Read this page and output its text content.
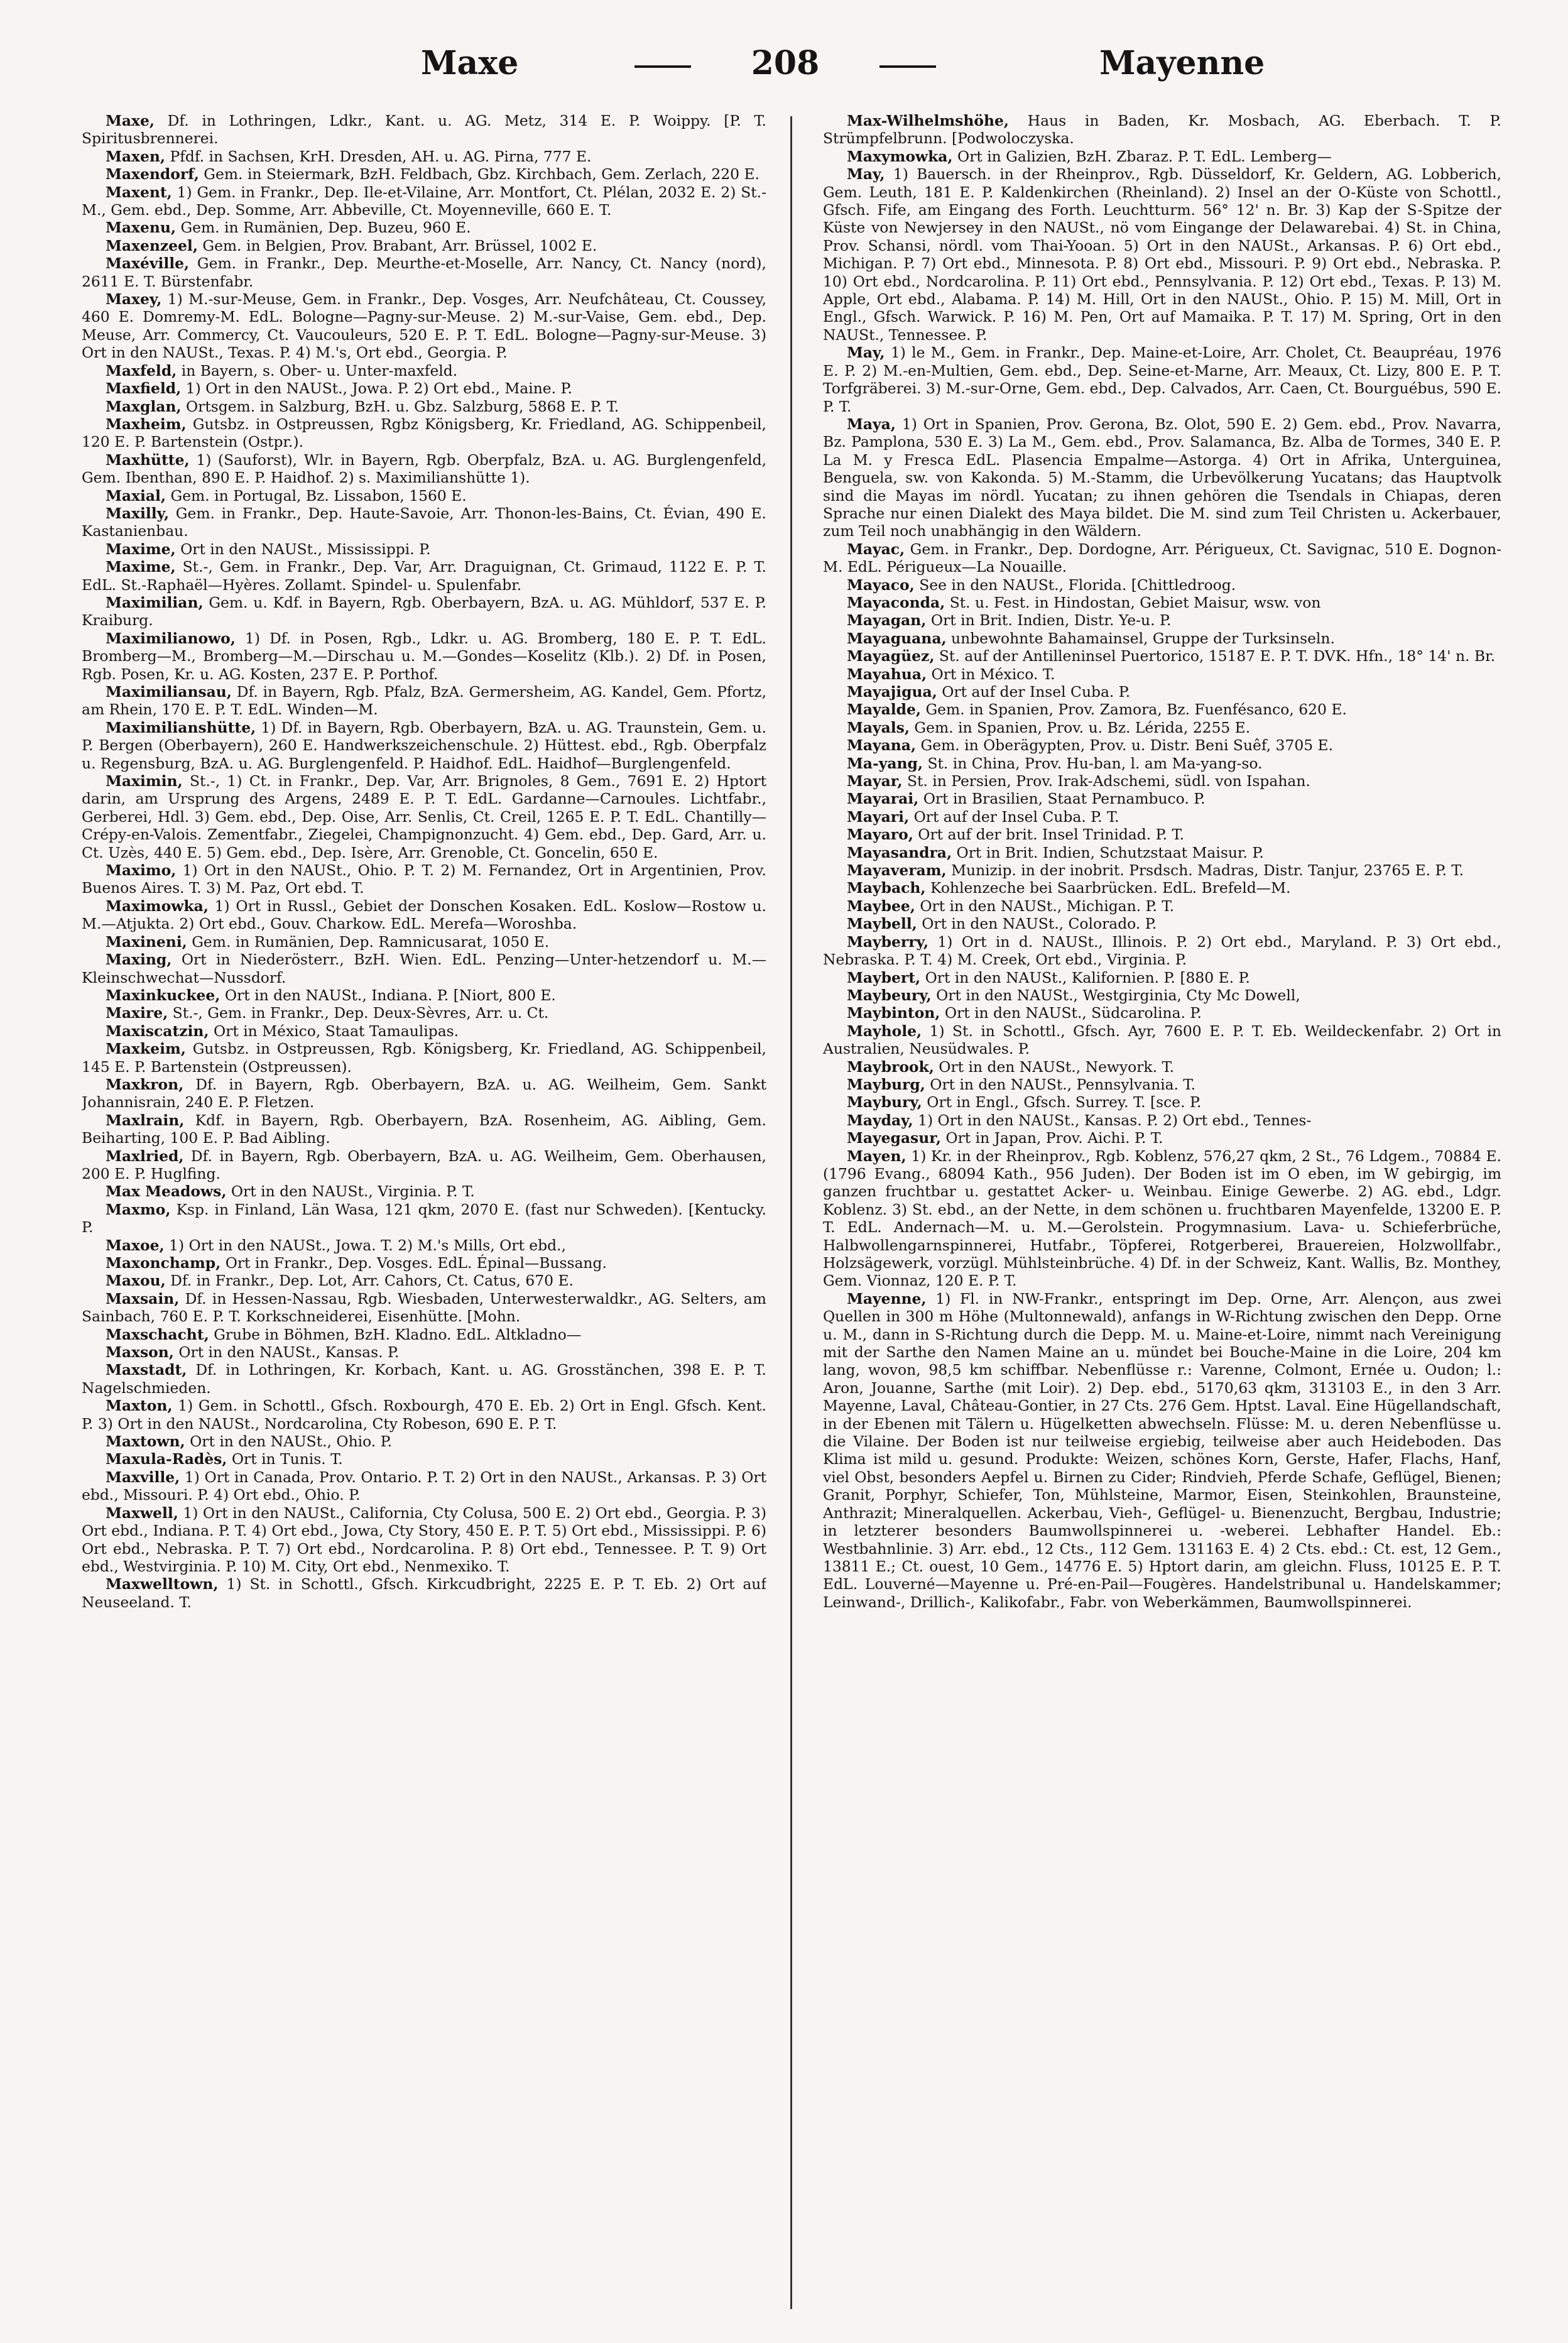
Maxe	208	Mayenne

Maxe, Df. in Lothringen, Ldkr., Kant. u. AG. Metz, 314 E. P. Woippy. [P. T. Spiritusbrennerei.

Maxen, Pfdf. in Sachsen, KrH. Dresden, AH. u. AG. Pirna, 777 E.

Maxendorf, Gem. in Steiermark, BzH. Feldbach, Gbz. Kirchbach, Gem. Zerlach, 220 E.

Maxent, 1) Gem. in Frankr., Dep. Ile-et-Vilaine, Arr. Montfort, Ct. Plélan, 2032 E. 2) St.-M., Gem. ebd., Dep. Somme, Arr. Abbeville, Ct. Moyenneville, 660 E. T.

Maxenu, Gem. in Rumänien, Dep. Buzeu, 960 E.

Maxenzeel, Gem. in Belgien, Prov. Brabant, Arr. Brüssel, 1002 E.

Maxéville, Gem. in Frankr., Dep. Meurthe-et-Moselle, Arr. Nancy, Ct. Nancy (nord), 2611 E. T. Bürstenfabr.

Maxey, 1) M.-sur-Meuse, Gem. in Frankr., Dep. Vosges, Arr. Neufchâteau, Ct. Coussey, 460 E. Domremy-M. EdL. Bologne—Pagny-sur-Meuse. 2) M.-sur-Vaise, Gem. ebd., Dep. Meuse, Arr. Commercy, Ct. Vaucouleurs, 520 E. P. T. EdL. Bologne—Pagny-sur-Meuse. 3) Ort in den NAUSt., Texas. P. 4) M.'s, Ort ebd., Georgia. P.

Maxfeld, in Bayern, s. Ober- u. Unter-maxfeld.

Maxfield, 1) Ort in den NAUSt., Jowa. P. 2) Ort ebd., Maine. P.

Maxglan, Ortsgem. in Salzburg, BzH. u. Gbz. Salzburg, 5868 E. P. T.

Maxheim, Gutsbz. in Ostpreussen, Rgbz Königsberg, Kr. Friedland, AG. Schippenbeil, 120 E. P. Bartenstein (Ostpr.).

Maxhütte, 1) (Sauforst), Wlr. in Bayern, Rgb. Oberpfalz, BzA. u. AG. Burglengenfeld, Gem. Ibenthan, 890 E. P. Haidhof. 2) s. Maximilianshütte 1).

Maxial, Gem. in Portugal, Bz. Lissabon, 1560 E.

Maxilly, Gem. in Frankr., Dep. Haute-Savoie, Arr. Thonon-les-Bains, Ct. Évian, 490 E. Kastanienbau.

Maxime, Ort in den NAUSt., Mississippi. P.

Maxime, St.-, Gem. in Frankr., Dep. Var, Arr. Draguignan, Ct. Grimaud, 1122 E. P. T. EdL. St.-Raphaël—Hyères. Zollamt. Spindel- u. Spulenfabr.

Maximilian, Gem. u. Kdf. in Bayern, Rgb. Oberbayern, BzA. u. AG. Mühldorf, 537 E. P. Kraiburg.

Maximilianowo, 1) Df. in Posen, Rgb., Ldkr. u. AG. Bromberg, 180 E. P. T. EdL. Bromberg—M., Bromberg—M.—Dirschau u. M.—Gondes—Koselitz (Klb.). 2) Df. in Posen, Rgb. Posen, Kr. u. AG. Kosten, 237 E. P. Porthof.

Maximiliansau, Df. in Bayern, Rgb. Pfalz, BzA. Germersheim, AG. Kandel, Gem. Pfortz, am Rhein, 170 E. P. T. EdL. Winden—M.

Maximilianshütte, 1) Df. in Bayern, Rgb. Oberbayern, BzA. u. AG. Traunstein, Gem. u. P. Bergen (Oberbayern), 260 E. Handwerkszeichenschule. 2) Hüttest. ebd., Rgb. Oberpfalz u. Regensburg, BzA. u. AG. Burglengenfeld. P. Haidhof. EdL. Haidhof—Burglengenfeld.

Maximin, St.-, 1) Ct. in Frankr., Dep. Var, Arr. Brignoles, 8 Gem., 7691 E. 2) Hptort darin, am Ursprung des Argens, 2489 E. P. T. EdL. Gardanne—Carnoules. Lichtfabr., Gerberei, Hdl. 3) Gem. ebd., Dep. Oise, Arr. Senlis, Ct. Creil, 1265 E. P. T. EdL. Chantilly—Crépy-en-Valois. Zementfabr., Ziegelei, Champignonzucht. 4) Gem. ebd., Dep. Gard, Arr. u. Ct. Uzès, 440 E. 5) Gem. ebd., Dep. Isère, Arr. Grenoble, Ct. Goncelin, 650 E.

Maximo, 1) Ort in den NAUSt., Ohio. P. T. 2) M. Fernandez, Ort in Argentinien, Prov. Buenos Aires. T. 3) M. Paz, Ort ebd. T.

Maximowka, 1) Ort in Russl., Gebiet der Donschen Kosaken. EdL. Koslow—Rostow u. M.—Atjukta. 2) Ort ebd., Gouv. Charkow. EdL. Merefa—Woroshba.

Maxineni, Gem. in Rumänien, Dep. Ramnicusarat, 1050 E.

Maxing, Ort in Niederösterr., BzH. Wien. EdL. Penzing—Unter-hetzendorf u. M.—Kleinschwechat—Nussdorf.

Maxinkuckee, Ort in den NAUSt., Indiana. P. [Niort, 800 E.

Maxire, St.-, Gem. in Frankr., Dep. Deux-Sèvres, Arr. u. Ct.

Maxiscatzin, Ort in México, Staat Tamaulipas.

Maxkeim, Gutsbz. in Ostpreussen, Rgb. Königsberg, Kr. Friedland, AG. Schippenbeil, 145 E. P. Bartenstein (Ostpreussen).

Maxkron, Df. in Bayern, Rgb. Oberbayern, BzA. u. AG. Weilheim, Gem. Sankt Johannisrain, 240 E. P. Fletzen.

Maxlrain, Kdf. in Bayern, Rgb. Oberbayern, BzA. Rosenheim, AG. Aibling, Gem. Beiharting, 100 E. P. Bad Aibling.

Maxlried, Df. in Bayern, Rgb. Oberbayern, BzA. u. AG. Weilheim, Gem. Oberhausen, 200 E. P. Huglfing.

Max Meadows, Ort in den NAUSt., Virginia. P. T.

Maxmo, Ksp. in Finland, Län Wasa, 121 qkm, 2070 E. (fast nur Schweden). [Kentucky. P.

Maxoe, 1) Ort in den NAUSt., Jowa. T. 2) M.'s Mills, Ort ebd.,

Maxonchamp, Ort in Frankr., Dep. Vosges. EdL. Épinal—Bussang.

Maxou, Df. in Frankr., Dep. Lot, Arr. Cahors, Ct. Catus, 670 E.

Maxsain, Df. in Hessen-Nassau, Rgb. Wiesbaden, Unterwesterwaldkr., AG. Selters, am Sainbach, 760 E. P. T. Korkschneiderei, Eisenhütte. [Mohn.

Maxschacht, Grube in Böhmen, BzH. Kladno. EdL. Altkladno—

Maxson, Ort in den NAUSt., Kansas. P.

Maxstadt, Df. in Lothringen, Kr. Korbach, Kant. u. AG. Grosstänchen, 398 E. P. T. Nagelschmieden.

Maxton, 1) Gem. in Schottl., Gfsch. Roxbourgh, 470 E. Eb. 2) Ort in Engl. Gfsch. Kent. P. 3) Ort in den NAUSt., Nordcarolina, Cty Robeson, 690 E. P. T.

Maxtown, Ort in den NAUSt., Ohio. P.

Maxula-Radès, Ort in Tunis. T.

Maxville, 1) Ort in Canada, Prov. Ontario. P. T. 2) Ort in den NAUSt., Arkansas. P. 3) Ort ebd., Missouri. P. 4) Ort ebd., Ohio. P.

Maxwell, 1) Ort in den NAUSt., California, Cty Colusa, 500 E. 2) Ort ebd., Georgia. P. 3) Ort ebd., Indiana. P. T. 4) Ort ebd., Jowa, Cty Story, 450 E. P. T. 5) Ort ebd., Mississippi. P. 6) Ort ebd., Nebraska. P. T. 7) Ort ebd., Nordcarolina. P. 8) Ort ebd., Tennessee. P. T. 9) Ort ebd., Westvirginia. P. 10) M. City, Ort ebd., Nenmexiko. T.

Maxwelltown, 1) St. in Schottl., Gfsch. Kirkcudbright, 2225 E. P. T. Eb. 2) Ort auf Neuseeland. T.

Max-Wilhelmshöhe, Haus in Baden, Kr. Mosbach, AG. Eberbach. T. P. Strümpfelbrunn. [Podwoloczyska.

Maxymowka, Ort in Galizien, BzH. Zbaraz. P. T. EdL. Lemberg—

May, 1) Bauersch. in der Rheinprov., Rgb. Düsseldorf, Kr. Geldern, AG. Lobberich, Gem. Leuth, 181 E. P. Kaldenkirchen (Rheinland). 2) Insel an der O-Küste von Schottl., Gfsch. Fife, am Eingang des Forth. Leuchtturm. 56° 12' n. Br. 3) Kap der S-Spitze der Küste von Newjersey in den NAUSt., nö vom Eingange der Delawarebai. 4) St. in China, Prov. Schansi, nördl. vom Thai-Yooan. 5) Ort in den NAUSt., Arkansas. P. 6) Ort ebd., Michigan. P. 7) Ort ebd., Minnesota. P. 8) Ort ebd., Missouri. P. 9) Ort ebd., Nebraska. P. 10) Ort ebd., Nordcarolina. P. 11) Ort ebd., Pennsylvania. P. 12) Ort ebd., Texas. P. 13) M. Apple, Ort ebd., Alabama. P. 14) M. Hill, Ort in den NAUSt., Ohio. P. 15) M. Mill, Ort in Engl., Gfsch. Warwick. P. 16) M. Pen, Ort auf Mamaika. P. T. 17) M. Spring, Ort in den NAUSt., Tennessee. P.

May, 1) le M., Gem. in Frankr., Dep. Maine-et-Loire, Arr. Cholet, Ct. Beaupréau, 1976 E. P. 2) M.-en-Multien, Gem. ebd., Dep. Seine-et-Marne, Arr. Meaux, Ct. Lizy, 800 E. P. T. Torfgräberei. 3) M.-sur-Orne, Gem. ebd., Dep. Calvados, Arr. Caen, Ct. Bourguébus, 590 E. P. T.

Maya, 1) Ort in Spanien, Prov. Gerona, Bz. Olot, 590 E. 2) Gem. ebd., Prov. Navarra, Bz. Pamplona, 530 E. 3) La M., Gem. ebd., Prov. Salamanca, Bz. Alba de Tormes, 340 E. P. La M. y Fresca EdL. Plasencia Empalme—Astorga. 4) Ort in Afrika, Unterguinea, Benguela, sw. von Kakonda. 5) M.-Stamm, die Urbevölkerung Yucatans; das Hauptvolk sind die Mayas im nördl. Yucatan; zu ihnen gehören die Tsendals in Chiapas, deren Sprache nur einen Dialekt des Maya bildet. Die M. sind zum Teil Christen u. Ackerbauer, zum Teil noch unabhängig in den Wäldern.

Mayac, Gem. in Frankr., Dep. Dordogne, Arr. Périgueux, Ct. Savignac, 510 E. Dognon-M. EdL. Périgueux—La Nouaille.

Mayaco, See in den NAUSt., Florida. [Chittledroog.

Mayaconda, St. u. Fest. in Hindostan, Gebiet Maisur, wsw. von

Mayagan, Ort in Brit. Indien, Distr. Ye-u. P.

Mayaguana, unbewohnte Bahamainsel, Gruppe der Turksinseln.

Mayagüez, St. auf der Antilleninsel Puertorico, 15187 E. P. T. DVK. Hfn., 18° 14' n. Br.

Mayahua, Ort in México. T.

Mayajigua, Ort auf der Insel Cuba. P.

Mayalde, Gem. in Spanien, Prov. Zamora, Bz. Fuenfésanco, 620 E.

Mayals, Gem. in Spanien, Prov. u. Bz. Lérida, 2255 E.

Mayana, Gem. in Oberägypten, Prov. u. Distr. Beni Suêf, 3705 E.

Ma-yang, St. in China, Prov. Hu-ban, l. am Ma-yang-so.

Mayar, St. in Persien, Prov. Irak-Adschemi, südl. von Ispahan.

Mayarai, Ort in Brasilien, Staat Pernambuco. P.

Mayari, Ort auf der Insel Cuba. P. T.

Mayaro, Ort auf der brit. Insel Trinidad. P. T.

Mayasandra, Ort in Brit. Indien, Schutzstaat Maisur. P.

Mayaveram, Munizip. in der inobrit. Prsdsch. Madras, Distr. Tanjur, 23765 E. P. T.

Maybach, Kohlenzeche bei Saarbrücken. EdL. Brefeld—M.

Maybee, Ort in den NAUSt., Michigan. P. T.

Maybell, Ort in den NAUSt., Colorado. P.

Mayberry, 1) Ort in d. NAUSt., Illinois. P. 2) Ort ebd., Maryland. P. 3) Ort ebd., Nebraska. P. T. 4) M. Creek, Ort ebd., Virginia. P.

Maybert, Ort in den NAUSt., Kalifornien. P. [880 E. P.

Maybeury, Ort in den NAUSt., Westgirginia, Cty Mc Dowell,

Maybinton, Ort in den NAUSt., Südcarolina. P.

Mayhole, 1) St. in Schottl., Gfsch. Ayr, 7600 E. P. T. Eb. Weildeckenfabr. 2) Ort in Australien, Neusüdwales. P.

Maybrook, Ort in den NAUSt., Newyork. T.

Mayburg, Ort in den NAUSt., Pennsylvania. T.

Maybury, Ort in Engl., Gfsch. Surrey. T. [sce. P.

Mayday, 1) Ort in den NAUSt., Kansas. P. 2) Ort ebd., Tennes-

Mayegasur, Ort in Japan, Prov. Aichi. P. T.

Mayen, 1) Kr. in der Rheinprov., Rgb. Koblenz, 576,27 qkm, 2 St., 76 Ldgem., 70884 E. (1796 Evang., 68094 Kath., 956 Juden). Der Boden ist im O eben, im W gebirgig, im ganzen fruchtbar u. gestattet Acker- u. Weinbau. Einige Gewerbe. 2) AG. ebd., Ldgr. Koblenz. 3) St. ebd., an der Nette, in dem schönen u. fruchtbaren Mayenfelde, 13200 E. P. T. EdL. Andernach—M. u. M.—Gerolstein. Progymnasium. Lava- u. Schieferbrüche, Halbwollengarnspinnerei, Hutfabr., Töpferei, Rotgerberei, Brauereien, Holzwollfabr., Holzsägewerk, vorzügl. Mühlsteinbrüche. 4) Df. in der Schweiz, Kant. Wallis, Bz. Monthey, Gem. Vionnaz, 120 E. P. T.

Mayenne, 1) Fl. in NW-Frankr., entspringt im Dep. Orne, Arr. Alençon, aus zwei Quellen in 300 m Höhe (Multonnewald), anfangs in W-Richtung zwischen den Depp. Orne u. M., dann in S-Richtung durch die Depp. M. u. Maine-et-Loire, nimmt nach Vereinigung mit der Sarthe den Namen Maine an u. mündet bei Bouche-Maine in die Loire, 204 km lang, wovon, 98,5 km schiffbar. Nebenflüsse r.: Varenne, Colmont, Ernée u. Oudon; l.: Aron, Jouanne, Sarthe (mit Loir). 2) Dep. ebd., 5170,63 qkm, 313103 E., in den 3 Arr. Mayenne, Laval, Château-Gontier, in 27 Cts. 276 Gem. Hptst. Laval. Eine Hügellandschaft, in der Ebenen mit Tälern u. Hügelketten abwechseln. Flüsse: M. u. deren Nebenflüsse u. die Vilaine. Der Boden ist nur teilweise ergiebig, teilweise aber auch Heideboden. Das Klima ist mild u. gesund. Produkte: Weizen, schönes Korn, Gerste, Hafer, Flachs, Hanf, viel Obst, besonders Aepfel u. Birnen zu Cider; Rindvieh, Pferde Schafe, Geflügel, Bienen; Granit, Porphyr, Schiefer, Ton, Mühlsteine, Marmor, Eisen, Steinkohlen, Braunsteine, Anthrazit; Mineralquellen. Ackerbau, Vieh-, Geflügel- u. Bienenzucht, Bergbau, Industrie; in letzterer besonders Baumwollspinnerei u. -weberei. Lebhafter Handel. Eb.: Westbahnlinie. 3) Arr. ebd., 12 Cts., 112 Gem. 131163 E. 4) 2 Cts. ebd.: Ct. est, 12 Gem., 13811 E.; Ct. ouest, 10 Gem., 14776 E. 5) Hptort darin, am gleichn. Fluss, 10125 E. P. T. EdL. Louverné—Mayenne u. Pré-en-Pail—Fougères. Handelstribunal u. Handelskammer; Leinwand-, Drillich-, Kalikofabr., Fabr. von Weberkämmen, Baumwollspinnerei.
